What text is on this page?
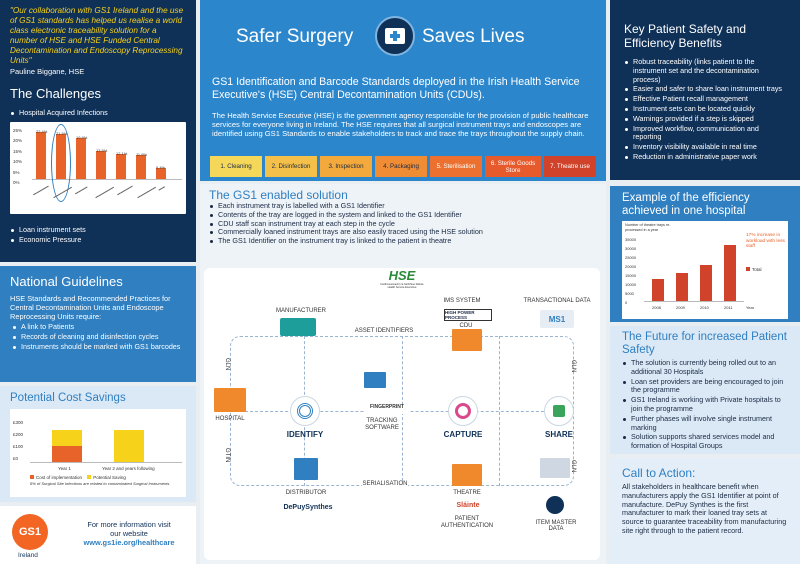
"Our collaboration with GS1 Ireland and the use of GS1 standards has helped us realise a world class electronic traceability solution for a number of HSE and HSE Funded Central Decontamination and Endoscopy Reprocessing Units"

Pauline Biggane, HSE

The Challenges
Hospital Acquired Infections
25%
20%
15%
10%
5%
0%
22.4% 21.5%
19.9%
13.5%
12.1% 11.9%
5.4%
▬▬▬▬▬ ▬▬▬▬▬▬ ▬▬▬▬ ▬▬▬▬▬▬ ▬▬▬▬▬ ▬▬▬▬▬▬ ▬▬
Loan instrument sets
Economic Pressure
National Guidelines

HSE Standards and Recommended Practices for Central Decontamination Units and Endoscope Reprocessing Units require:

A link to Patients
Records of cleaning and disinfection cycles
Instruments should be marked with GS1 barcodes
Potential Cost Savings
£300
£200
£100
£0
Year 1	Year 2 and years following
Cost of implementation	Potential Saving
8% of Surgical Site Infections are related to contaminated Surgical Instruments
GS1
Ireland
For more information visit
our website
www.gs1ie.org/healthcare
Safer Surgery	Saves Lives

GS1 Identification and Barcode Standards deployed in the Irish Health Service Executive's (HSE) Central Decontamination Units (CDUs).

The Health Service Executive (HSE) is the government agency responsible for the provision of public healthcare services for everyone living in Ireland. The HSE requires that all surgical instrument trays and endoscopes are identified using GS1 Standards to enable stakeholders to track and trace the trays throughout the supply chain.

1. Cleaning	2. Disinfection	3. Inspection	4. Packaging	5. Sterilisation	6. Sterile Goods Store	7. Theatre use
The GS1 enabled solution
Each instrument tray is labelled with a GS1 Identifier
Contents of the tray are logged in the system and linked to the GS1 Identifier
CDU staff scan instrument tray at each step in the cycle
Commercially loaned instrument trays are also easily traced using the HSE solution
The GS1 Identifier on the instrument tray is linked to the patient in theatre
HSE
Feidhmeannacht na Seirbhíse Sláinte Health Service Executive
MANUFACTURER
IMS SYSTEM
HIGH POWER PROCESS
CDU
TRANSACTIONAL DATA
MS1
ASSET IDENTIFIERS
HOSPITAL
IDENTIFY
FINGERPRINT
TRACKING SOFTWARE
CAPTURE	SHARE
GLN
GTIN
GLN
GLN
DISTRIBUTOR
DePuySynthes
SERIALISATION
THEATRE
Sláinte
PATIENT AUTHENTICATION	ITEM MASTER DATA
Key Patient Safety and Efficiency Benefits
Robust traceability (links patient to the instrument set and the decontamination process)
Easier and safer to share loan instrument trays
Effective Patient recall management
Instrument sets can be located quickly
Warnings provided if a step is skipped
Improved workflow, communication and reporting
Inventory visibility available in real time
Reduction in administrative paper work
Example of the efficiency achieved in one hospital
Number of theatre trays re-processed in a year
35000
30000
25000
20000
15000
10000
5000
0
2008	2009	2010	2011	Year
17% increase in workload with less staff
Total
The Future for increased Patient Safety
The solution is currently being rolled out to an additional 30 Hospitals
Loan set providers are being encouraged to join the programme
GS1 Ireland is working with Private hospitals to join the programme
Further phases will involve single instrument marking
Solution supports shared services model and formation of Hospital Groups
Call to Action:

All stakeholders in healthcare benefit when manufacturers apply the GS1 Identifier at point of manufacture. DePuy Synthes is the first manufacturer to mark their loaned tray sets at source to guarantee traceability from manufacturing site right through to the patient record.
